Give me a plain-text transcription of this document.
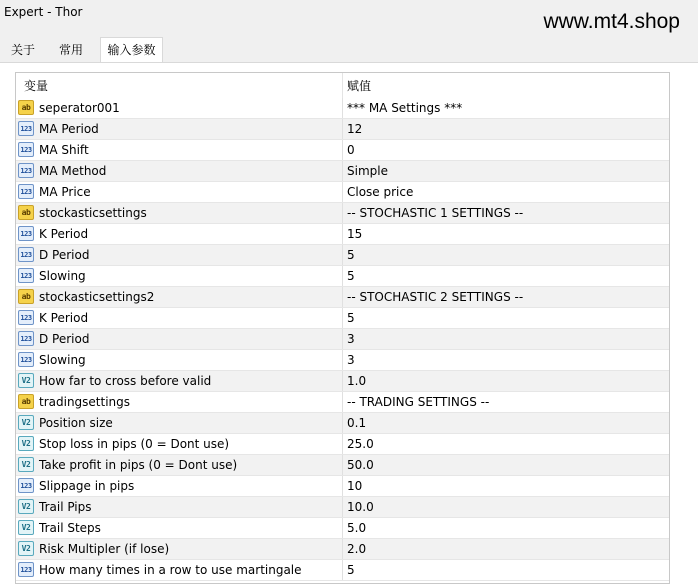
Expert - Thor	www.mt4.shop
关于	常用	输入参数
变量	赋值
ab seperator001	*** MA Settings ***
123 MA Period	12
123 MA Shift	0
123 MA Method	Simple
123 MA Price	Close price
ab stockasticsettings	-- STOCHASTIC 1 SETTINGS --
123 K Period	15
123 D Period	5
123 Slowing	5
ab stockasticsettings2	-- STOCHASTIC 2 SETTINGS --
123 K Period	5
123 D Period	3
123 Slowing	3
V2 How far to cross before valid	1.0
ab tradingsettings	-- TRADING SETTINGS --
V2 Position size	0.1
V2 Stop loss in pips (0 = Dont use)	25.0
V2 Take profit in pips (0 = Dont use)	50.0
123 Slippage in pips	10
V2 Trail Pips	10.0
V2 Trail Steps	5.0
V2 Risk Multipler (if lose)	2.0
123 How many times in a row to use martingale	5
